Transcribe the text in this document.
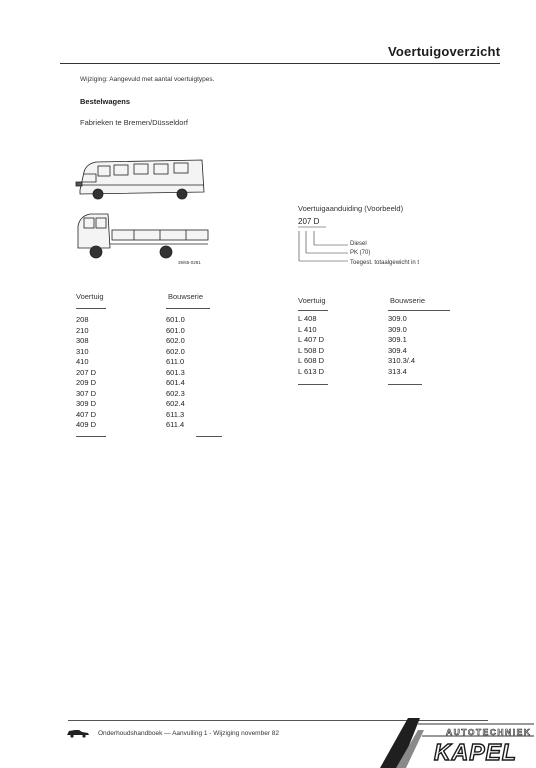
Voertuigoverzicht
Wijziging: Aangevuld met aantal voertuigtypes.
Bestelwagens
Fabrieken te Bremen/Düsseldorf
39/65-0281
Voertuigaanduiding (Voorbeeld)
207 D
Diesel
PK (70)
Toegest. totaalgewicht in t
Voertuig	Bouwserie
208	601.0
210	601.0
308	602.0
310	602.0
410	611.0
207 D	601.3
209 D	601.4
307 D	602.3
309 D	602.4
407 D	611.3
409 D	611.4
Voertuig	Bouwserie
L 408	309.0
L 410	309.0
L 407 D	309.1
L 508 D	309.4
L 608 D	310.3/.4
L 613 D	313.4
Onderhoudshandboek — Aanvulling 1 - Wijziging november 82	AUTOTECHNIEK
KAPEL
